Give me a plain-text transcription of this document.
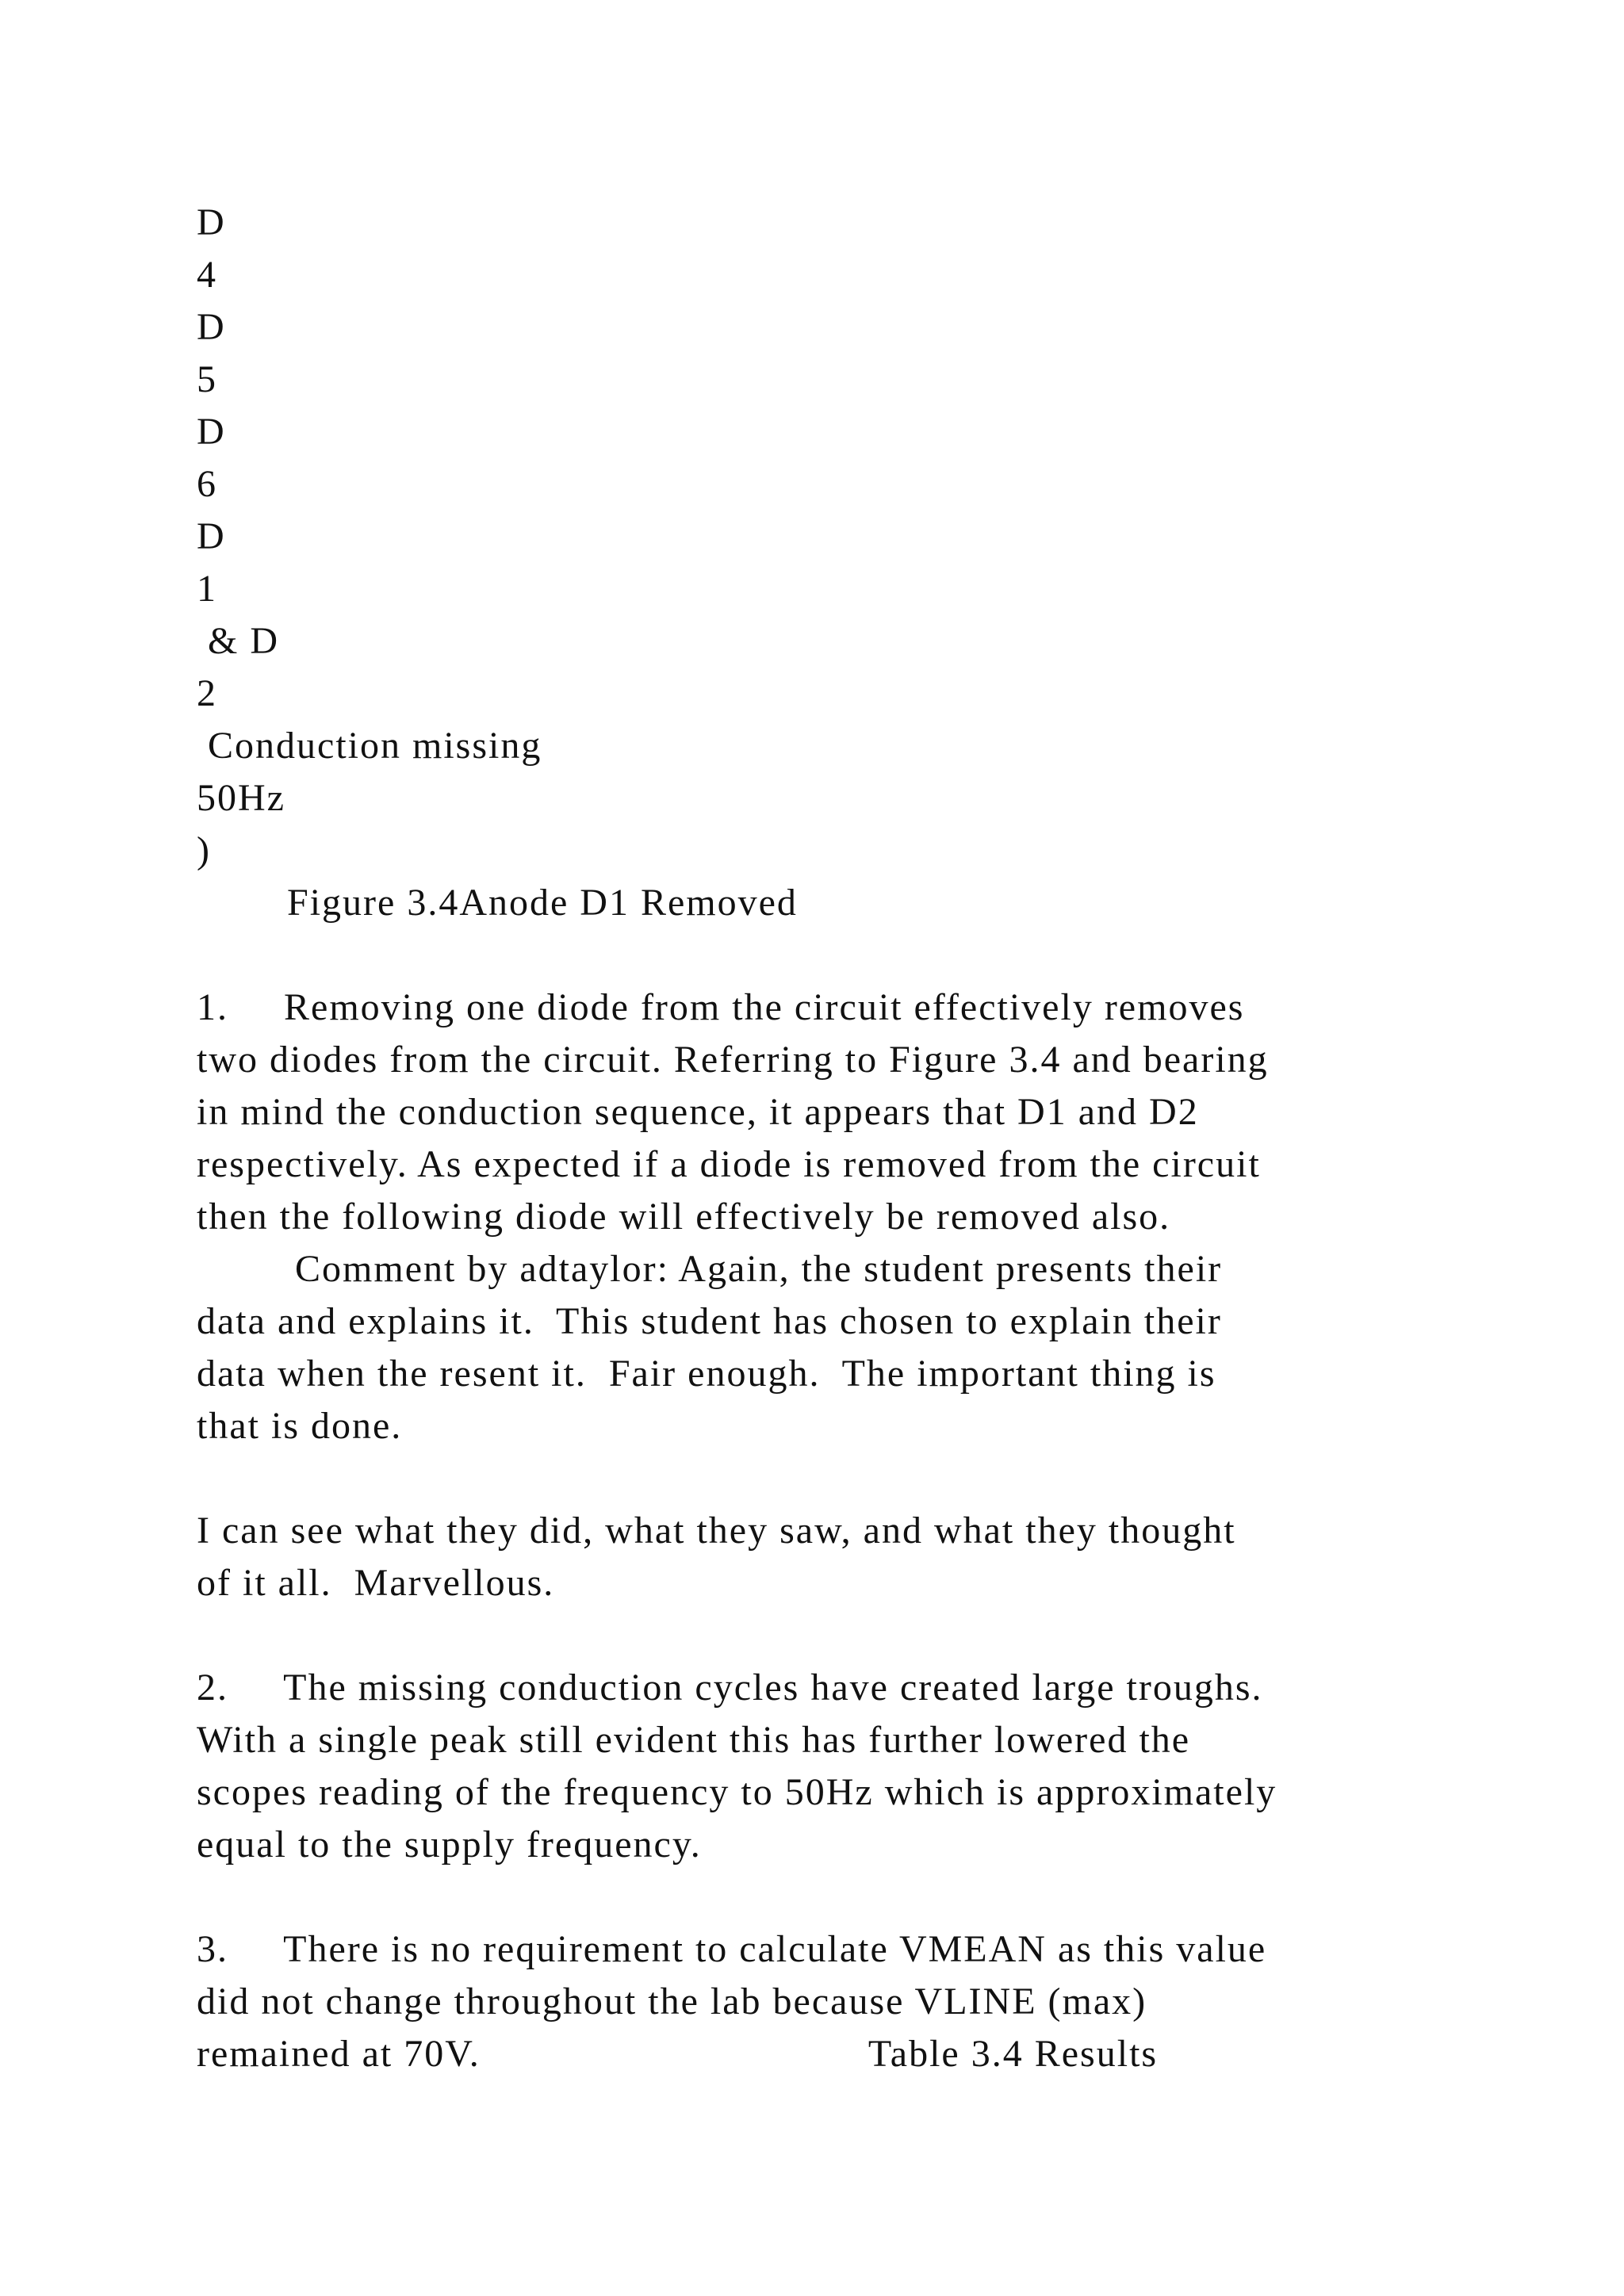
D
4
D
5
D
6
D
1
& D
2
Conduction missing
50Hz
)
Figure 3.4Anode D1 Removed
1.     Removing one diode from the circuit effectively removes
two diodes from the circuit. Referring to Figure 3.4 and bearing
in mind the conduction sequence, it appears that D1 and D2
respectively. As expected if a diode is removed from the circuit
then the following diode will effectively be removed also.
Comment by adtaylor: Again, the student presents their
data and explains it.  This student has chosen to explain their
data when the resent it.  Fair enough.  The important thing is
that is done.
I can see what they did, what they saw, and what they thought
of it all.  Marvellous.
2.     The missing conduction cycles have created large troughs.
With a single peak still evident this has further lowered the
scopes reading of the frequency to 50Hz which is approximately
equal to the supply frequency.
3.     There is no requirement to calculate VMEAN as this value
did not change throughout the lab because VLINE (max)
remained at 70V.                                   Table 3.4 Results
